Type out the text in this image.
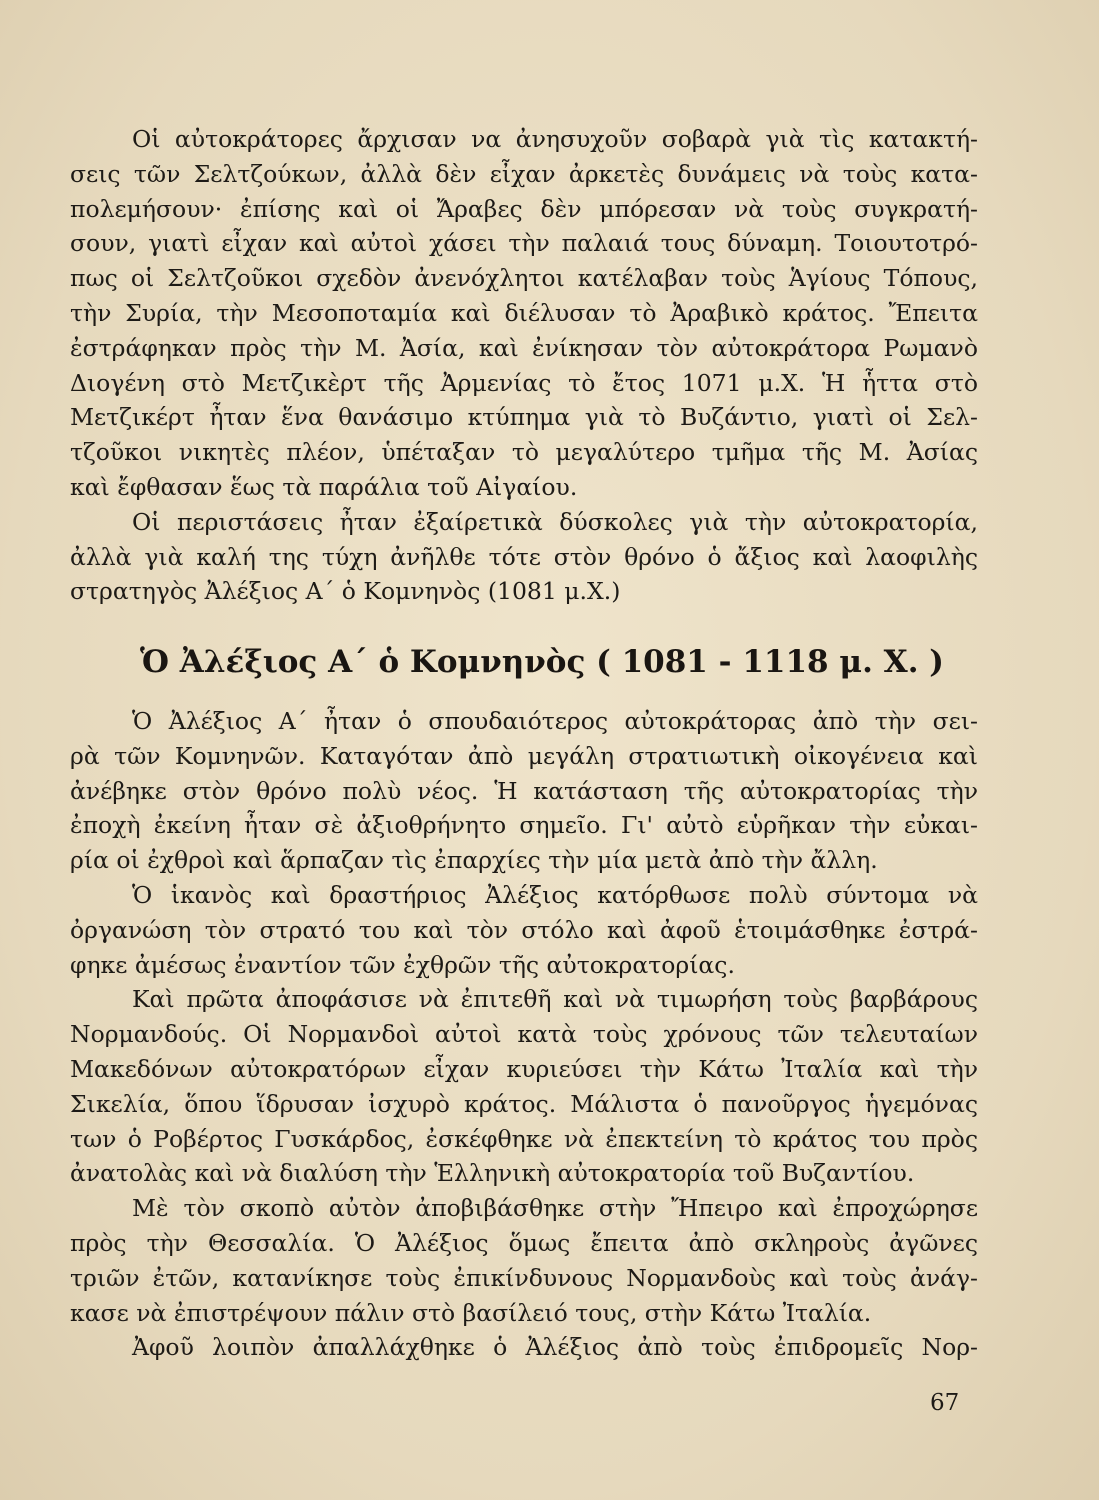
Οἱ αὐτοκράτορες ἄρχισαν να ἀνησυχοῦν σοβαρὰ γιὰ τὶς κατακτή-
σεις τῶν Σελτζούκων, ἀλλὰ δὲν εἶχαν ἀρκετὲς δυνάμεις νὰ τοὺς κατα-
πολεμήσουν· ἐπίσης καὶ οἱ Ἄραβες δὲν μπόρεσαν νὰ τοὺς συγκρατή-
σουν, γιατὶ εἶχαν καὶ αὐτοὶ χάσει τὴν παλαιά τους δύναμη. Τοιουτοτρό-
πως οἱ Σελτζοῦκοι σχεδὸν ἀνενόχλητοι κατέλαβαν τοὺς Ἁγίους Τόπους,
τὴν Συρία, τὴν Μεσοποταμία καὶ διέλυσαν τὸ Ἀραβικὸ κράτος. Ἔπειτα
ἐστράφηκαν πρὸς τὴν Μ. Ἀσία, καὶ ἐνίκησαν τὸν αὐτοκράτορα Ρωμανὸ
Διογένη στὸ Μετζικὲρτ τῆς Ἀρμενίας τὸ ἔτος 1071 μ.Χ. Ἡ ἧττα στὸ
Μετζικέρτ ἦταν ἕνα θανάσιμο κτύπημα γιὰ τὸ Βυζάντιο, γιατὶ οἱ Σελ-
τζοῦκοι νικητὲς πλέον, ὑπέταξαν τὸ μεγαλύτερο τμῆμα τῆς Μ. Ἀσίας
καὶ ἔφθασαν ἕως τὰ παράλια τοῦ Αἰγαίου.
Οἱ περιστάσεις ἦταν ἐξαίρετικὰ δύσκολες γιὰ τὴν αὐτοκρατορία,
ἀλλὰ γιὰ καλή της τύχη ἀνῆλθε τότε στὸν θρόνο ὁ ἄξιος καὶ λαοφιλὴς
στρατηγὸς Ἀλέξιος Α΄ ὁ Κομνηνὸς (1081 μ.Χ.)
Ὁ Ἀλέξιος Α΄ ὁ Κομνηνὸς ( 1081 - 1118 μ. Χ. )
Ὁ Ἀλέξιος Α΄ ἦταν ὁ σπουδαιότερος αὐτοκράτορας ἀπὸ τὴν σει-
ρὰ τῶν Κομνηνῶν. Καταγόταν ἀπὸ μεγάλη στρατιωτικὴ οἰκογένεια καὶ
ἀνέβηκε στὸν θρόνο πολὺ νέος. Ἡ κατάσταση τῆς αὐτοκρατορίας τὴν
ἐποχὴ ἐκείνη ἦταν σὲ ἀξιοθρήνητο σημεῖο. Γι' αὐτὸ εὑρῆκαν τὴν εὐκαι-
ρία οἱ ἐχθροὶ καὶ ἅρπαζαν τὶς ἐπαρχίες τὴν μία μετὰ ἀπὸ τὴν ἄλλη.
Ὁ ἱκανὸς καὶ δραστήριος Ἀλέξιος κατόρθωσε πολὺ σύντομα νὰ
ὀργανώση τὸν στρατό του καὶ τὸν στόλο καὶ ἀφοῦ ἑτοιμάσθηκε ἐστρά-
φηκε ἀμέσως ἐναντίον τῶν ἐχθρῶν τῆς αὐτοκρατορίας.
Καὶ πρῶτα ἀποφάσισε νὰ ἐπιτεθῆ καὶ νὰ τιμωρήση τοὺς βαρβάρους
Νορμανδούς. Οἱ Νορμανδοὶ αὐτοὶ κατὰ τοὺς χρόνους τῶν τελευταίων
Μακεδόνων αὐτοκρατόρων εἶχαν κυριεύσει τὴν Κάτω Ἰταλία καὶ τὴν
Σικελία, ὅπου ἵδρυσαν ἰσχυρὸ κράτος. Μάλιστα ὁ πανοῦργος ἡγεμόνας
των ὁ Ροβέρτος Γυσκάρδος, ἐσκέφθηκε νὰ ἐπεκτείνη τὸ κράτος του πρὸς
ἀνατολὰς καὶ νὰ διαλύση τὴν Ἑλληνικὴ αὐτοκρατορία τοῦ Βυζαντίου.
Μὲ τὸν σκοπὸ αὐτὸν ἀποβιβάσθηκε στὴν Ἤπειρο καὶ ἐπροχώρησε
πρὸς τὴν Θεσσαλία. Ὁ Ἀλέξιος ὅμως ἔπειτα ἀπὸ σκληροὺς ἀγῶνες
τριῶν ἐτῶν, κατανίκησε τοὺς ἐπικίνδυνους Νορμανδοὺς καὶ τοὺς ἀνάγ-
κασε νὰ ἐπιστρέψουν πάλιν στὸ βασίλειό τους, στὴν Κάτω Ἰταλία.
Ἀφοῦ λοιπὸν ἀπαλλάχθηκε ὁ Ἀλέξιος ἀπὸ τοὺς ἐπιδρομεῖς Νορ-
67
